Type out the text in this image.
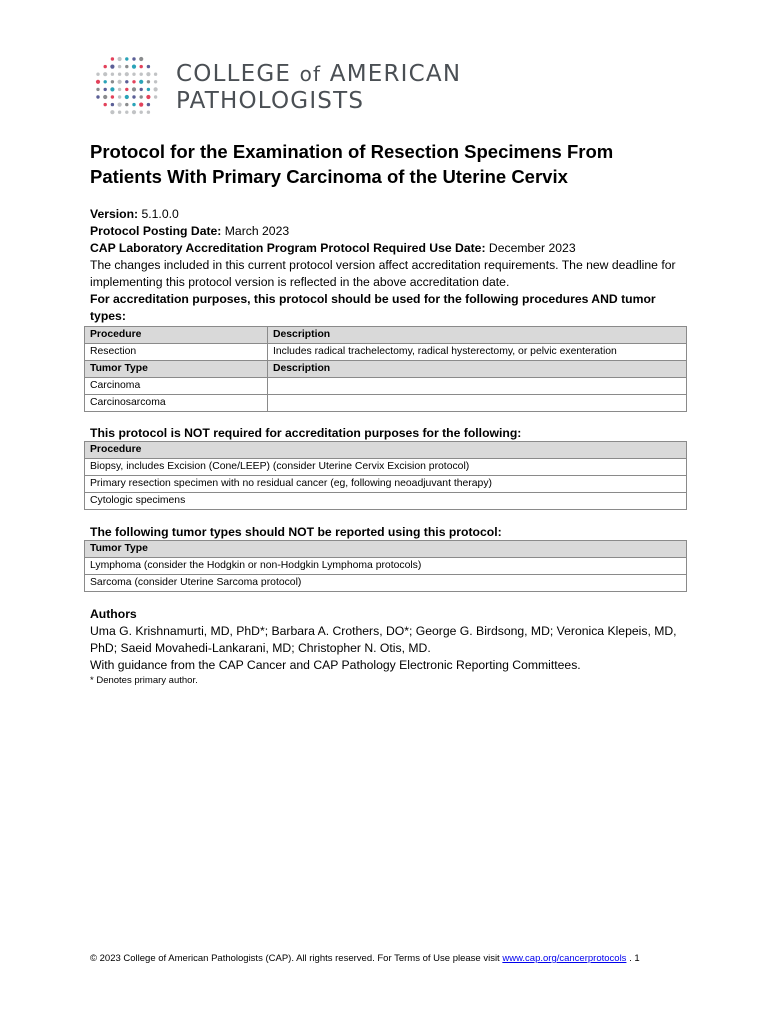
COLLEGE of AMERICAN
PATHOLOGISTS
Protocol for the Examination of Resection Specimens From Patients With Primary Carcinoma of the Uterine Cervix
Version: 5.1.0.0
Protocol Posting Date: March 2023
CAP Laboratory Accreditation Program Protocol Required Use Date: December 2023
The changes included in this current protocol version affect accreditation requirements. The new deadline for implementing this protocol version is reflected in the above accreditation date.
For accreditation purposes, this protocol should be used for the following procedures AND tumor types:
Procedure	Description
Resection	Includes radical trachelectomy, radical hysterectomy, or pelvic exenteration
Tumor Type	Description
Carcinoma	
Carcinosarcoma	
This protocol is NOT required for accreditation purposes for the following:
Procedure
Biopsy, includes Excision (Cone/LEEP) (consider Uterine Cervix Excision protocol)
Primary resection specimen with no residual cancer (eg, following neoadjuvant therapy)
Cytologic specimens
The following tumor types should NOT be reported using this protocol:
Tumor Type
Lymphoma (consider the Hodgkin or non-Hodgkin Lymphoma protocols)
Sarcoma (consider Uterine Sarcoma protocol)
Authors
Uma G. Krishnamurti, MD, PhD*; Barbara A. Crothers, DO*; George G. Birdsong, MD; Veronica Klepeis, MD, PhD; Saeid Movahedi-Lankarani, MD; Christopher N. Otis, MD.
With guidance from the CAP Cancer and CAP Pathology Electronic Reporting Committees.
* Denotes primary author.
© 2023 College of American Pathologists (CAP). All rights reserved. For Terms of Use please visit www.cap.org/cancerprotocols . 1
